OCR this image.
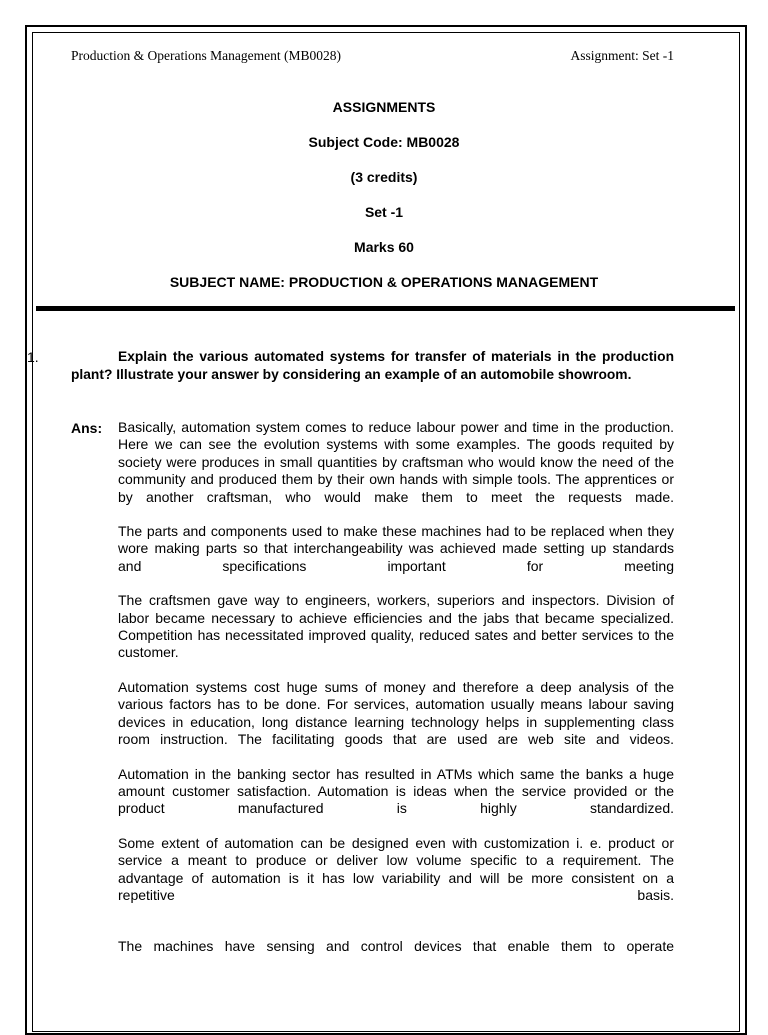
Production & Operations Management (MB0028)	Assignment: Set -1
ASSIGNMENTS
Subject Code: MB0028
(3 credits)
Set -1
Marks 60
SUBJECT NAME: PRODUCTION & OPERATIONS MANAGEMENT
1.	Explain the various automated systems for transfer of materials in the production plant? Illustrate your answer by considering an example of an automobile showroom.
Ans: Basically, automation system comes to reduce labour power and time in the production. Here we can see the evolution systems with some examples. The goods requited by society were produces in small quantities by craftsman who would know the need of the community and produced them by their own hands with simple tools. The apprentices or by another craftsman, who would make them to meet the requests made.

The parts and components used to make these machines had to be replaced when they wore making parts so that interchangeability was achieved made setting up standards and specifications important for meeting

The craftsmen gave way to engineers, workers, superiors and inspectors. Division of labor became necessary to achieve efficiencies and the jabs that became specialized. Competition has necessitated improved quality, reduced sates and better services to the customer.

Automation systems cost huge sums of money and therefore a deep analysis of the various factors has to be done. For services, automation usually means labour saving devices in education, long distance learning technology helps in supplementing class room instruction. The facilitating goods that are used are web site and videos.

Automation in the banking sector has resulted in ATMs which same the banks a huge amount customer satisfaction. Automation is ideas when the service provided or the product manufactured is highly standardized.

Some extent of automation can be designed even with customization i. e. product or service a meant to produce or deliver low volume specific to a requirement. The advantage of automation is it has low variability and will be more consistent on a repetitive basis.

The machines have sensing and control devices that enable them to operate
